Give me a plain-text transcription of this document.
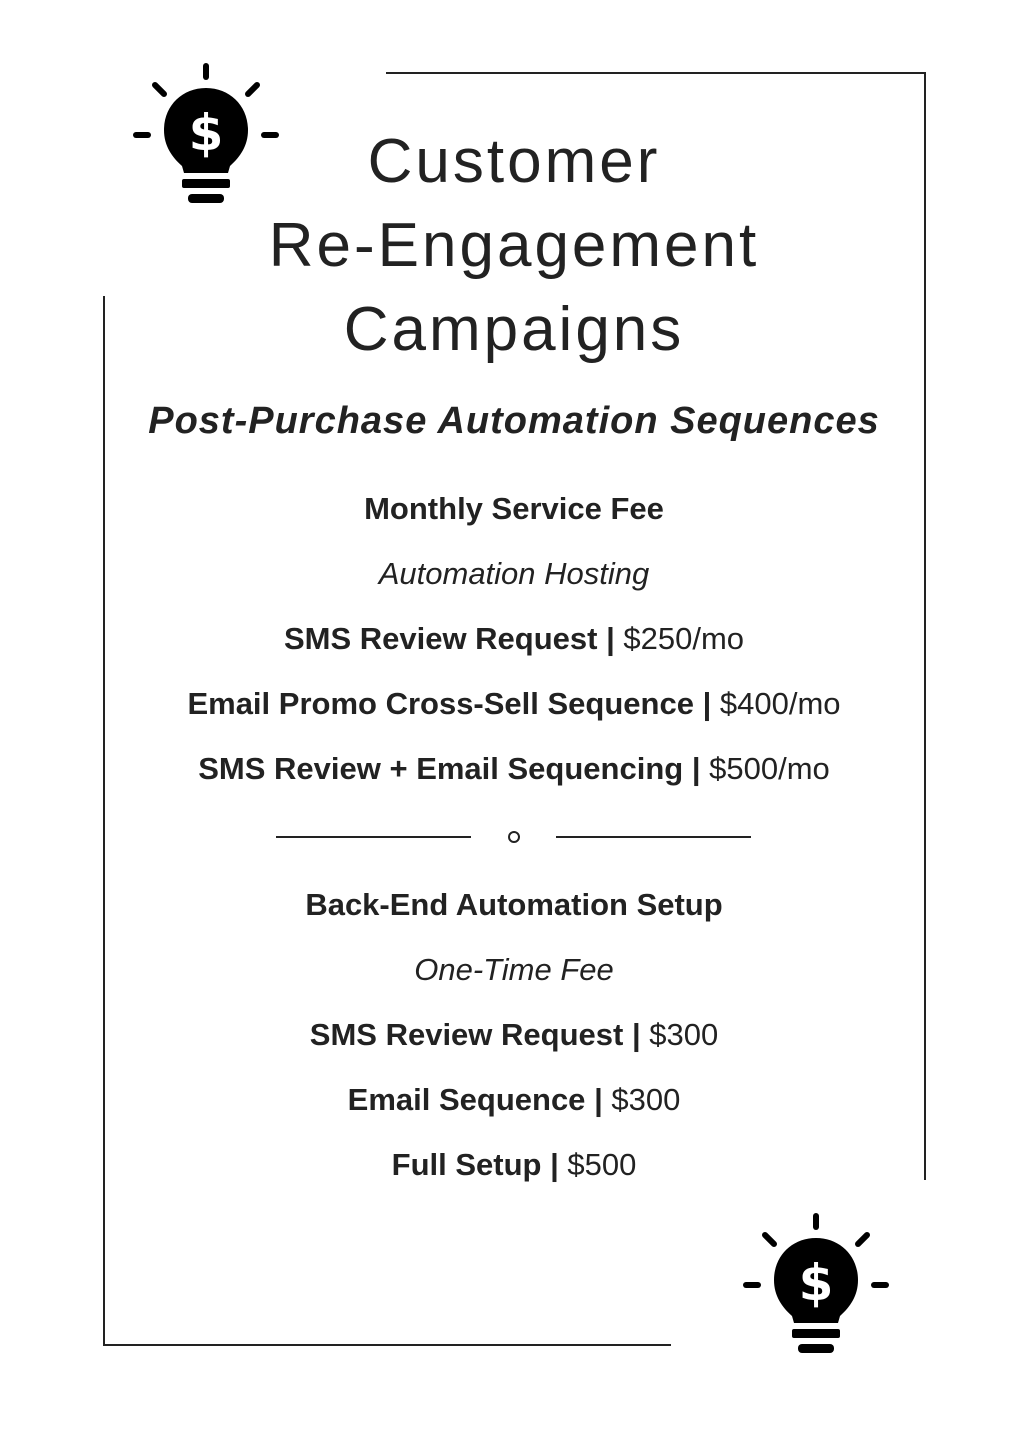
$	Customer
Re-Engagement
Campaigns
Post-Purchase Automation Sequences
Monthly Service Fee
Automation Hosting
SMS Review Request | $250/mo
Email Promo Cross-Sell Sequence | $400/mo
SMS Review + Email Sequencing | $500/mo
Back-End Automation Setup
One-Time Fee
SMS Review Request | $300
Email Sequence | $300
Full Setup | $500
$
